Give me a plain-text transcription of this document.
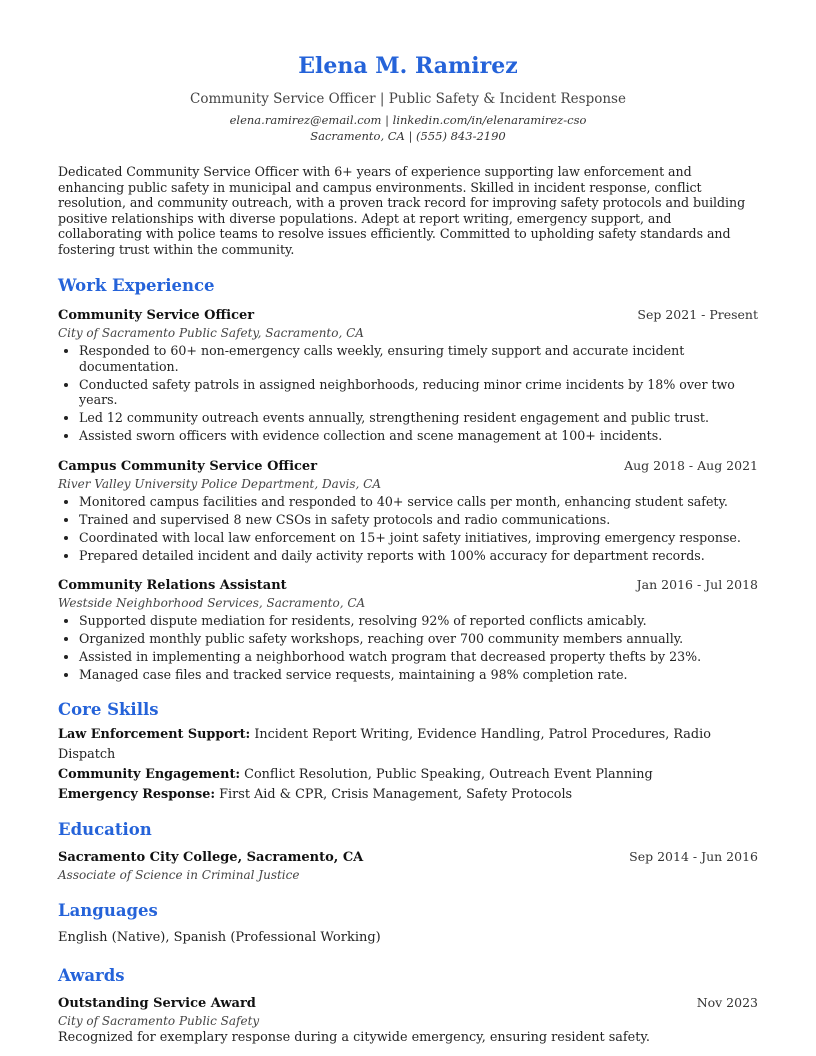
Elena M. Ramirez
Community Service Officer | Public Safety & Incident Response
elena.ramirez@email.com | linkedin.com/in/elenaramirez-cso
Sacramento, CA | (555) 843-2190
Dedicated Community Service Officer with 6+ years of experience supporting law enforcement and enhancing public safety in municipal and campus environments. Skilled in incident response, conflict resolution, and community outreach, with a proven track record for improving safety protocols and building positive relationships with diverse populations. Adept at report writing, emergency support, and collaborating with police teams to resolve issues efficiently. Committed to upholding safety standards and fostering trust within the community.
Work Experience
Community Service Officer	Sep 2021 - Present
City of Sacramento Public Safety, Sacramento, CA
• Responded to 60+ non-emergency calls weekly, ensuring timely support and accurate incident documentation.
• Conducted safety patrols in assigned neighborhoods, reducing minor crime incidents by 18% over two years.
• Led 12 community outreach events annually, strengthening resident engagement and public trust.
• Assisted sworn officers with evidence collection and scene management at 100+ incidents.
Campus Community Service Officer	Aug 2018 - Aug 2021
River Valley University Police Department, Davis, CA
• Monitored campus facilities and responded to 40+ service calls per month, enhancing student safety.
• Trained and supervised 8 new CSOs in safety protocols and radio communications.
• Coordinated with local law enforcement on 15+ joint safety initiatives, improving emergency response.
• Prepared detailed incident and daily activity reports with 100% accuracy for department records.
Community Relations Assistant	Jan 2016 - Jul 2018
Westside Neighborhood Services, Sacramento, CA
• Supported dispute mediation for residents, resolving 92% of reported conflicts amicably.
• Organized monthly public safety workshops, reaching over 700 community members annually.
• Assisted in implementing a neighborhood watch program that decreased property thefts by 23%.
• Managed case files and tracked service requests, maintaining a 98% completion rate.
Core Skills
Law Enforcement Support: Incident Report Writing, Evidence Handling, Patrol Procedures, Radio Dispatch
Community Engagement: Conflict Resolution, Public Speaking, Outreach Event Planning
Emergency Response: First Aid & CPR, Crisis Management, Safety Protocols
Education
Sacramento City College, Sacramento, CA	Sep 2014 - Jun 2016
Associate of Science in Criminal Justice
Languages
English (Native), Spanish (Professional Working)
Awards
Outstanding Service Award	Nov 2023
City of Sacramento Public Safety
Recognized for exemplary response during a citywide emergency, ensuring resident safety.
